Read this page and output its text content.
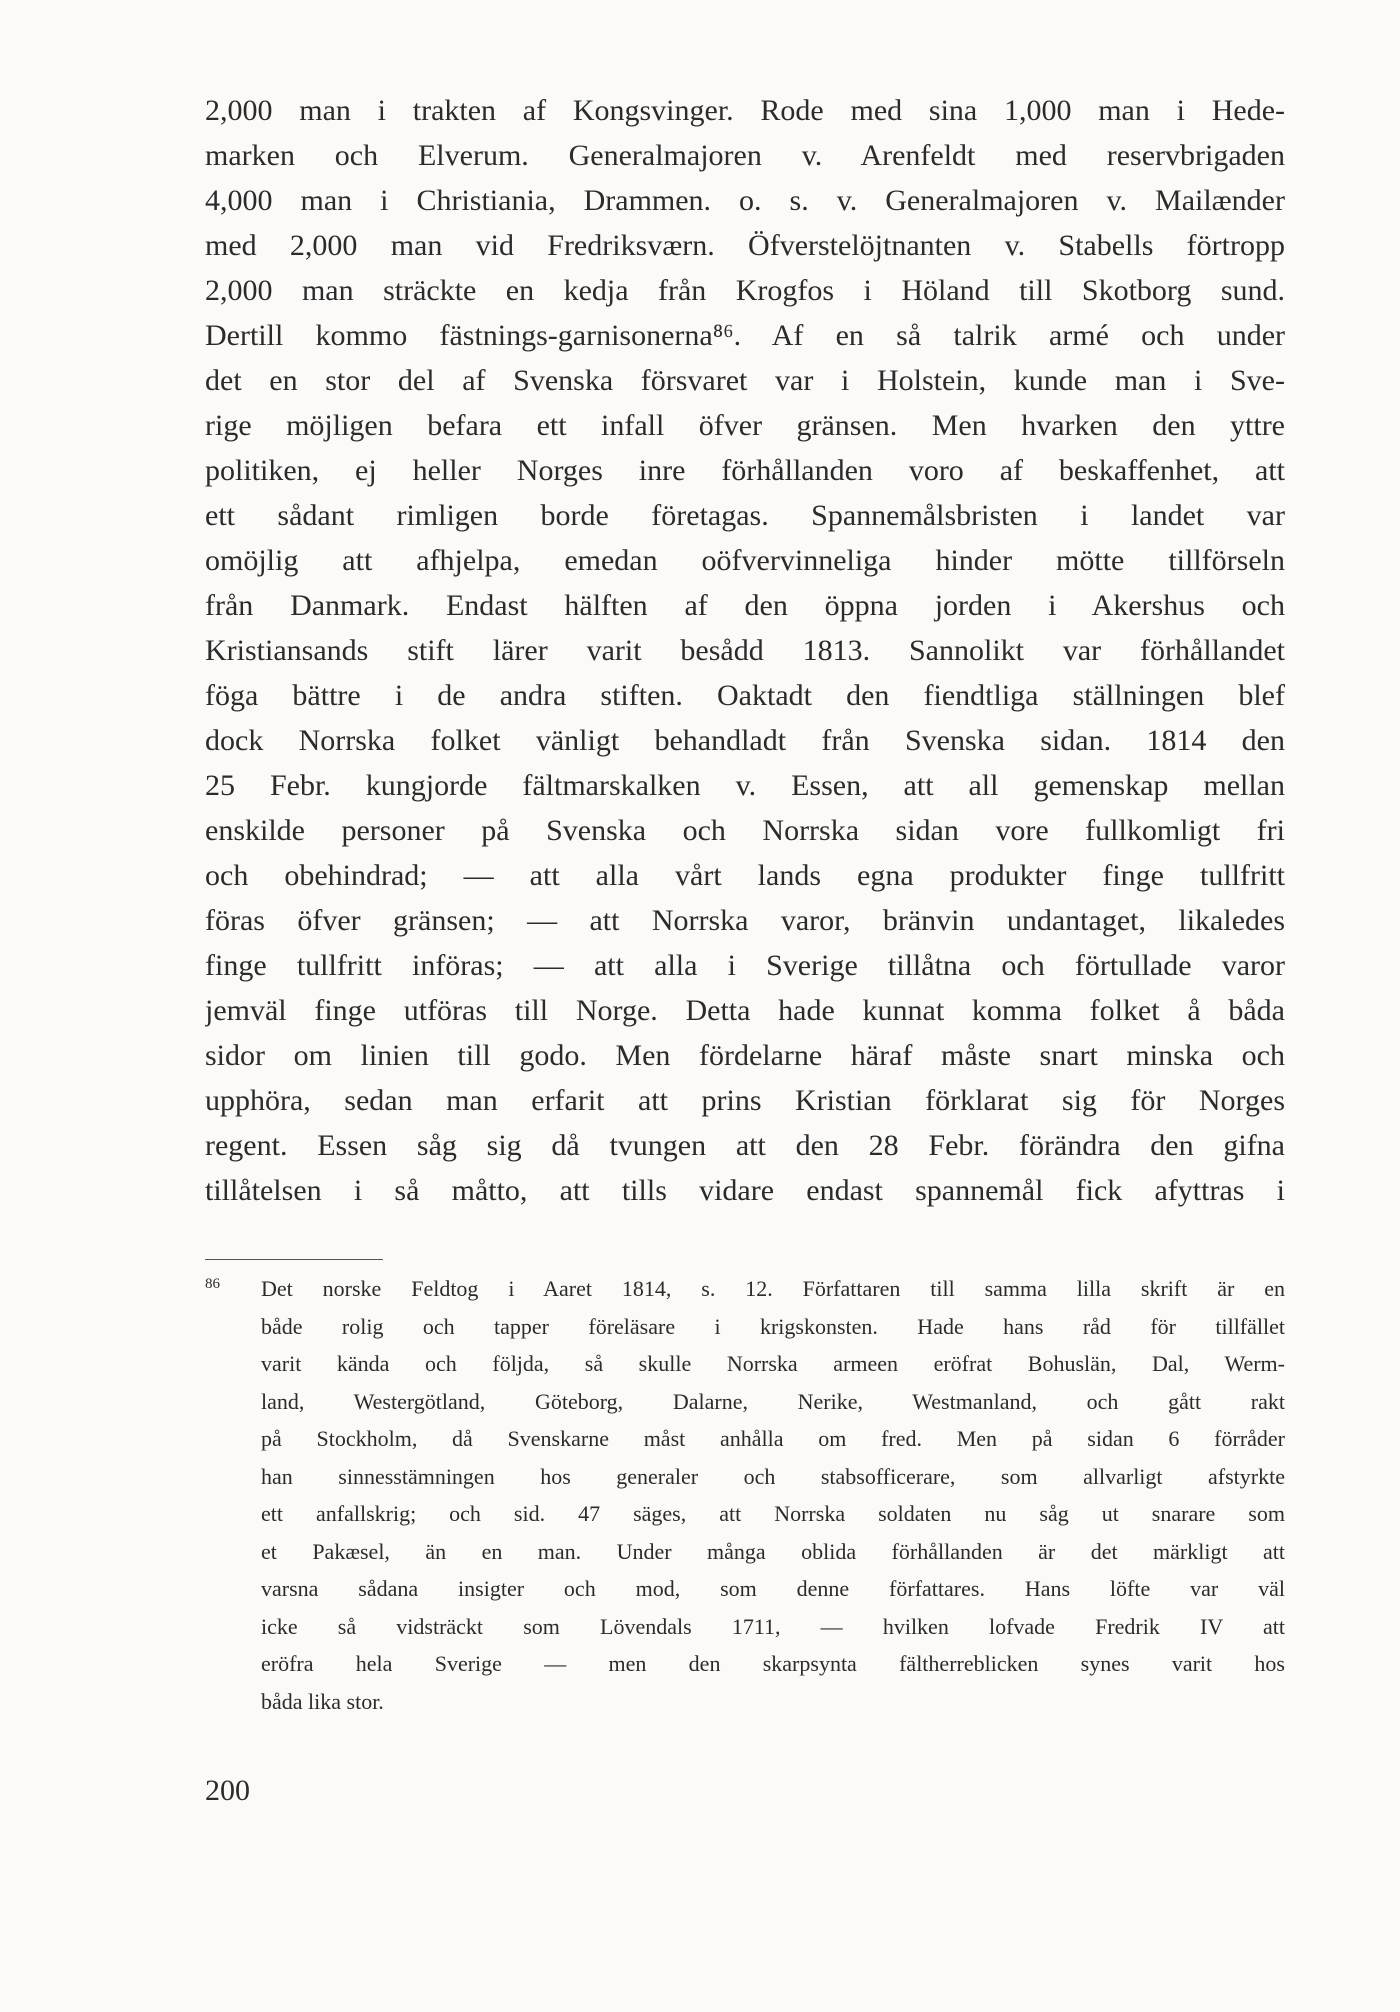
2,000 man i trakten af Kongsvinger. Rode med sina 1,000 man i Hede-
marken och Elverum. Generalmajoren v. Arenfeldt med reservbrigaden
4,000 man i Christiania, Drammen. o. s. v. Generalmajoren v. Mailænder
med 2,000 man vid Fredriksværn. Öfverstelöjtnanten v. Stabells förtropp
2,000 man sträckte en kedja från Krogfos i Höland till Skotborg sund.
Dertill kommo fästnings-garnisonerna⁸⁶. Af en så talrik armé och under
det en stor del af Svenska försvaret var i Holstein, kunde man i Sve-
rige möjligen befara ett infall öfver gränsen. Men hvarken den yttre
politiken, ej heller Norges inre förhållanden voro af beskaffenhet, att
ett sådant rimligen borde företagas. Spannemålsbristen i landet var
omöjlig att afhjelpa, emedan oöfvervinneliga hinder mötte tillförseln
från Danmark. Endast hälften af den öppna jorden i Akershus och
Kristiansands stift lärer varit besådd 1813. Sannolikt var förhållandet
föga bättre i de andra stiften. Oaktadt den fiendtliga ställningen blef
dock Norrska folket vänligt behandladt från Svenska sidan. 1814 den
25 Febr. kungjorde fältmarskalken v. Essen, att all gemenskap mellan
enskilde personer på Svenska och Norrska sidan vore fullkomligt fri
och obehindrad; — att alla vårt lands egna produkter finge tullfritt
föras öfver gränsen; — att Norrska varor, bränvin undantaget, likaledes
finge tullfritt införas; — att alla i Sverige tillåtna och förtullade varor
jemväl finge utföras till Norge. Detta hade kunnat komma folket å båda
sidor om linien till godo. Men fördelarne häraf måste snart minska och
upphöra, sedan man erfarit att prins Kristian förklarat sig för Norges
regent. Essen såg sig då tvungen att den 28 Febr. förändra den gifna
tillåtelsen i så måtto, att tills vidare endast spannemål fick afyttras i
86	Det norske Feldtog i Aaret 1814, s. 12. Författaren till samma lilla skrift är en
både rolig och tapper föreläsare i krigskonsten. Hade hans råd för tillfället
varit kända och följda, så skulle Norrska armeen eröfrat Bohuslän, Dal, Werm-
land, Westergötland, Göteborg, Dalarne, Nerike, Westmanland, och gått rakt
på Stockholm, då Svenskarne måst anhålla om fred. Men på sidan 6 förråder
han sinnesstämningen hos generaler och stabsofficerare, som allvarligt afstyrkte
ett anfallskrig; och sid. 47 säges, att Norrska soldaten nu såg ut snarare som
et Pakæsel, än en man. Under många oblida förhållanden är det märkligt att
varsna sådana insigter och mod, som denne författares. Hans löfte var väl
icke så vidsträckt som Lövendals 1711, — hvilken lofvade Fredrik IV att
eröfra hela Sverige — men den skarpsynta fältherreblicken synes varit hos
båda lika stor.
200
